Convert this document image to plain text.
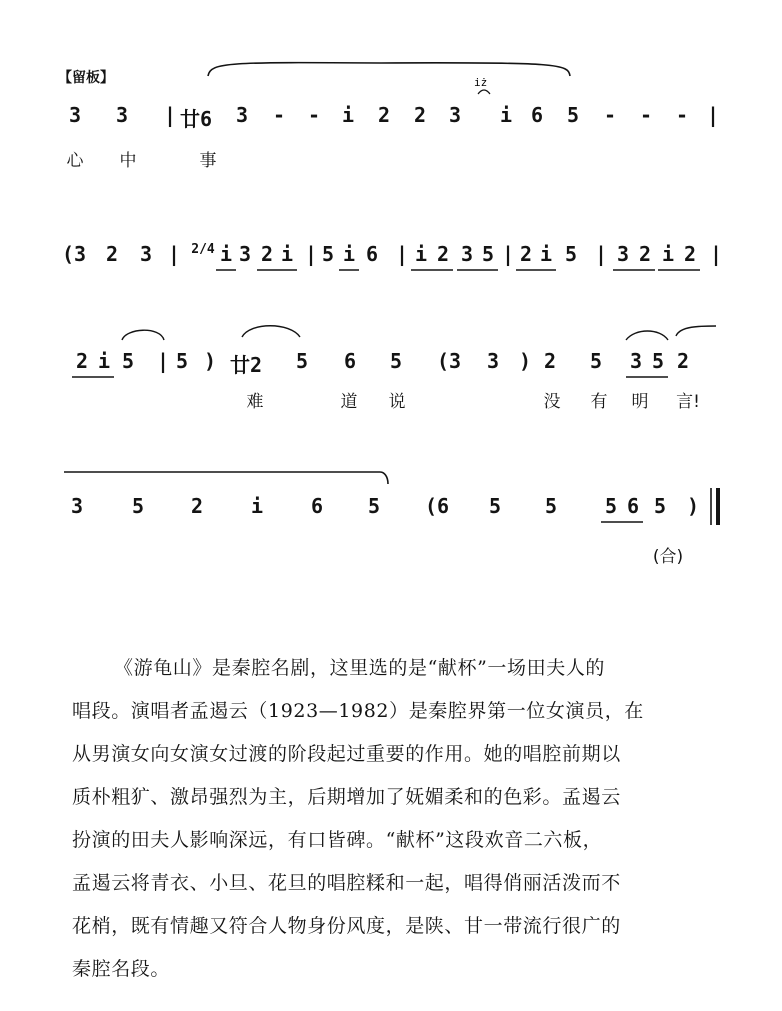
【留板】
3 3 | 廿6 3 - - i 2 2 3 i 6 5 - - - |
心 中	事
(3 2 3 | 2/4 i 3 2 i | 5 i 6 | i 2 3 5 | 2 i 5 | 3 2 i 2 |
2 i 5 | 5 ) 廿2 5 6 5 (3 3 ) 2 5 3 5 2
难	道 说	没 有 明 言!
3 5 2 i 6 5 (6 5 5 5 6 5 )
(合)
iż
《游龟山》是秦腔名剧，这里选的是“献杯”一场田夫人的
唱段。演唱者孟遏云（1923—1982）是秦腔界第一位女演员，在
从男演女向女演女过渡的阶段起过重要的作用。她的唱腔前期以
质朴粗犷、激昂强烈为主，后期增加了妩媚柔和的色彩。孟遏云
扮演的田夫人影响深远，有口皆碑。“献杯”这段欢音二六板，
孟遏云将青衣、小旦、花旦的唱腔糅和一起，唱得俏丽活泼而不
花梢，既有情趣又符合人物身份风度，是陕、甘一带流行很广的
秦腔名段。
